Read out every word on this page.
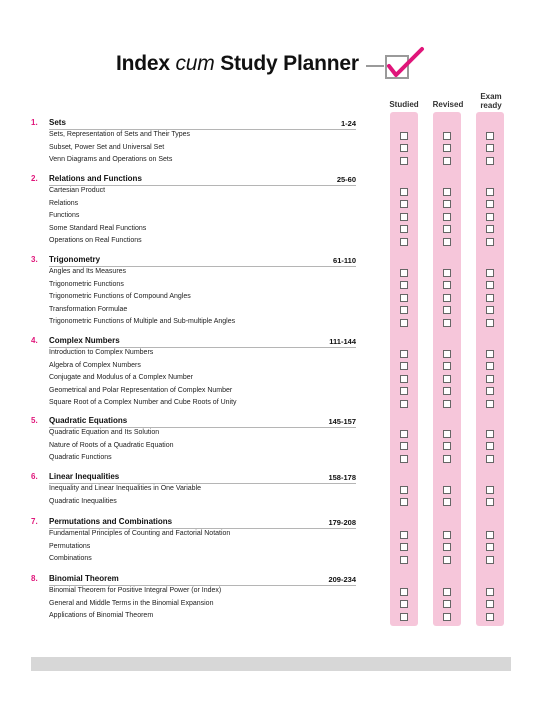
Index cum Study Planner
Studied	Revised
Exam
ready
1. Sets	1-24
Sets, Representation of Sets and Their Types
Subset, Power Set and Universal Set
Venn Diagrams and Operations on Sets
2. Relations and Functions	25-60
Cartesian Product
Relations
Functions
Some Standard Real Functions
Operations on Real Functions
3. Trigonometry	61-110
Angles and Its Measures
Trigonometric Functions
Trigonometric Functions of Compound Angles
Transformation Formulae
Trigonometric Functions of Multiple and Sub-multiple Angles
4. Complex Numbers	111-144
Introduction to Complex Numbers
Algebra of Complex Numbers
Conjugate and Modulus of a Complex Number
Geometrical and Polar Representation of Complex Number
Square Root of a Complex Number and Cube Roots of Unity
5. Quadratic Equations	145-157
Quadratic Equation and Its Solution
Nature of Roots of a Quadratic Equation
Quadratic Functions
6. Linear Inequalities	158-178
Inequality and Linear Inequalities in One Variable
Quadratic Inequalities
7. Permutations and Combinations	179-208
Fundamental Principles of Counting and Factorial Notation
Permutations
Combinations
8. Binomial Theorem	209-234
Binomial Theorem for Positive Integral Power (or Index)
General and Middle Terms in the Binomial Expansion
Applications of Binomial Theorem
